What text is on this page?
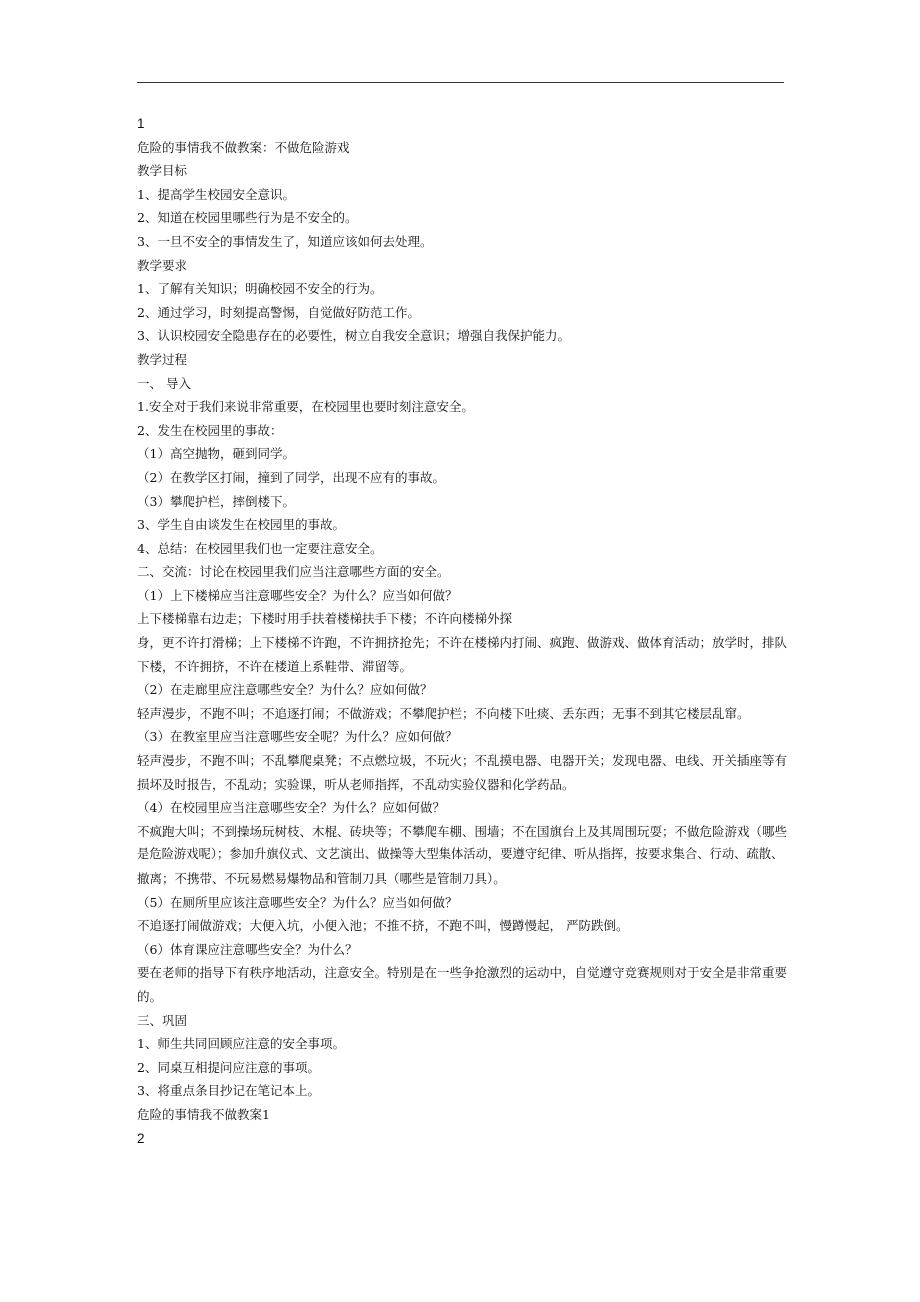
1

危险的事情我不做教案：不做危险游戏

教学目标

1、提高学生校园安全意识。

2、知道在校园里哪些行为是不安全的。

3、一旦不安全的事情发生了，知道应该如何去处理。

教学要求

1、了解有关知识；明确校园不安全的行为。

2、通过学习，时刻提高警惕，自觉做好防范工作。

3、认识校园安全隐患存在的必要性，树立自我安全意识；增强自我保护能力。

教学过程

一、 导入

1.安全对于我们来说非常重要，在校园里也要时刻注意安全。

2、发生在校园里的事故：

（1）高空抛物，砸到同学。

（2）在教学区打闹，撞到了同学，出现不应有的事故。

（3）攀爬护栏，摔倒楼下。

3、学生自由谈发生在校园里的事故。

4、总结：在校园里我们也一定要注意安全。

二、交流：讨论在校园里我们应当注意哪些方面的安全。

（1）上下楼梯应当注意哪些安全？为什么？应当如何做？

上下楼梯靠右边走；下楼时用手扶着楼梯扶手下楼；不许向楼梯外探

身，更不许打滑梯；上下楼梯不许跑，不许拥挤抢先；不许在楼梯内打闹、疯跑、做游戏、做体育活动；放学时，排队

下楼，不许拥挤，不许在楼道上系鞋带、滞留等。

（2）在走廊里应注意哪些安全？为什么？应如何做？

轻声漫步，不跑不叫；不追逐打闹；不做游戏；不攀爬护栏；不向楼下吐痰、丢东西；无事不到其它楼层乱窜。

（3）在教室里应当注意哪些安全呢？为什么？应如何做？

轻声漫步，不跑不叫；不乱攀爬桌凳；不点燃垃圾，不玩火；不乱摸电器、电器开关；发现电器、电线、开关插座等有

损坏及时报告，不乱动；实验课，听从老师指挥，不乱动实验仪器和化学药品。

（4）在校园里应当注意哪些安全？为什么？应如何做？

不疯跑大叫；不到操场玩树枝、木棍、砖块等；不攀爬车棚、围墙；不在国旗台上及其周围玩耍；不做危险游戏（哪些

是危险游戏呢）；参加升旗仪式、文艺演出、做操等大型集体活动，要遵守纪律、听从指挥，按要求集合、行动、疏散、

撤离；不携带、不玩易燃易爆物品和管制刀具（哪些是管制刀具）。

（5）在厕所里应该注意哪些安全？为什么？应当如何做？

不追逐打闹做游戏；大便入坑，小便入池；不推不挤，不跑不叫，慢蹲慢起， 严防跌倒。

（6）体育课应注意哪些安全？为什么？

要在老师的指导下有秩序地活动，注意安全。特别是在一些争抢激烈的运动中，自觉遵守竞赛规则对于安全是非常重要

的。

三、巩固

1、师生共同回顾应注意的安全事项。

2、同桌互相提问应注意的事项。

3、将重点条目抄记在笔记本上。

危险的事情我不做教案1

2
